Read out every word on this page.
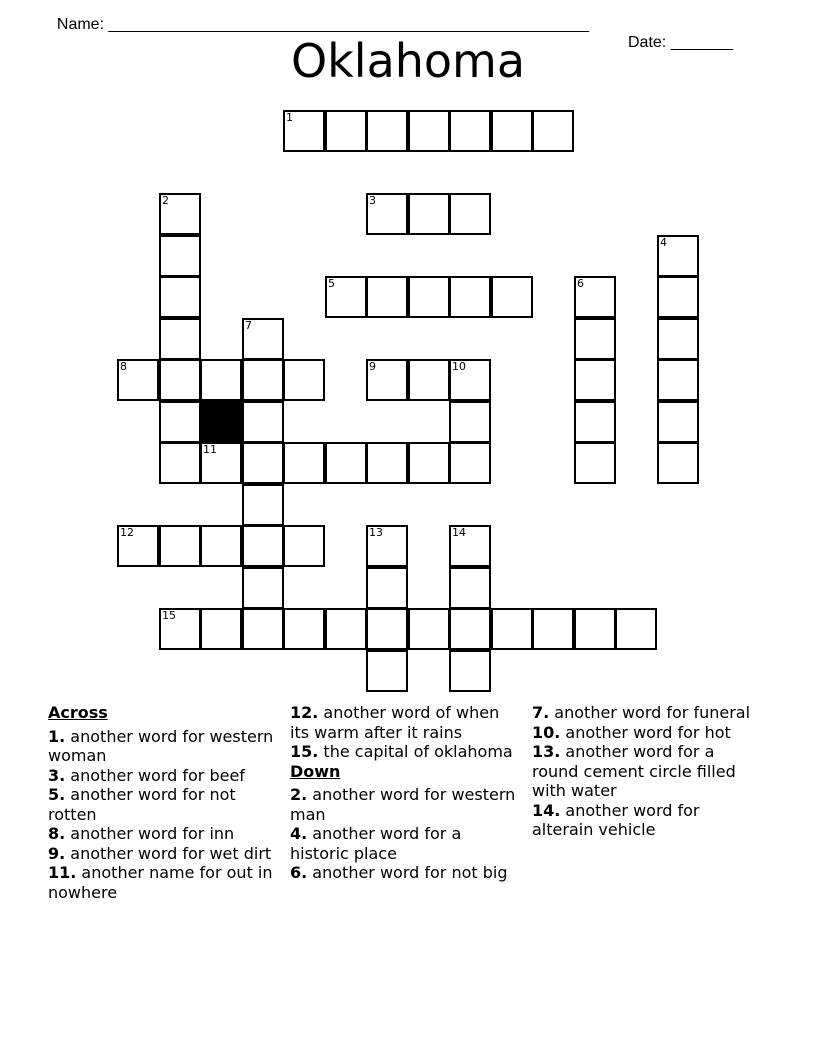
Name: ______________________________________________________

Date: _______

Oklahoma
1
2	3
4
5	6
7
8	9	10
11
12	13	14
15
Across
1. another word for western woman
3. another word for beef
5. another word for not rotten
8. another word for inn
9. another word for wet dirt
11. another name for out in nowhere
12. another word of when its warm after it rains
15. the capital of oklahoma
Down
2. another word for western man
4. another word for a historic place
6. another word for not big
7. another word for funeral
10. another word for hot
13. another word for a round cement circle filled with water
14. another word for alterain vehicle
